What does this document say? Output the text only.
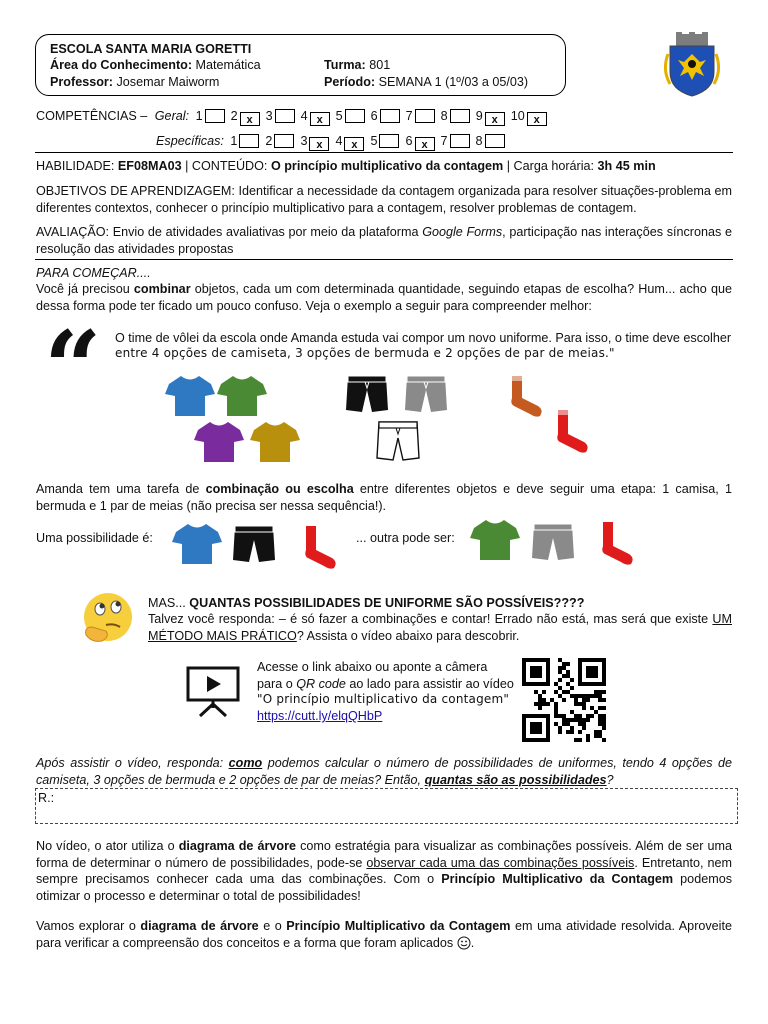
ESCOLA SANTA MARIA GORETTI
Área do Conhecimento: Matemática
Professor: Josemar Maiworm
Turma: 801
Período: SEMANA 1 (1º/03 a 05/03)
COMPETÊNCIAS – Geral: 1 2 x 3 4 x 5 6 7 8 9 x 10 x
Específicas: 1 2 3 x 4 x 5 6 x 7 8
HABILIDADE: EF08MA03 | CONTEÚDO: O princípio multiplicativo da contagem | Carga horária: 3h 45 min
OBJETIVOS DE APRENDIZAGEM: Identificar a necessidade da contagem organizada para resolver situações-problema em diferentes contextos, conhecer o princípio multiplicativo para a contagem, resolver problemas de contagem.
AVALIAÇÃO: Envio de atividades avaliativas por meio da plataforma Google Forms, participação nas interações síncronas e resolução das atividades propostas
PARA COMEÇAR....
Você já precisou combinar objetos, cada um com determinada quantidade, seguindo etapas de escolha? Hum... acho que dessa forma pode ter ficado um pouco confuso. Veja o exemplo a seguir para compreender melhor:
“ O time de vôlei da escola onde Amanda estuda vai compor um novo uniforme. Para isso, o time deve escolher
entre 4 opções de camiseta, 3 opções de bermuda e 2 opções de par de meias."
Amanda tem uma tarefa de combinação ou escolha entre diferentes objetos e deve seguir uma etapa: 1 camisa, 1 bermuda e 1 par de meias (não precisa ser nessa sequência!).
Uma possibilidade é:	... outra pode ser:
MAS... QUANTAS POSSIBILIDADES DE UNIFORME SÃO POSSÍVEIS????
Talvez você responda: – é só fazer a combinações e contar! Errado não está, mas será que existe UM MÉTODO MAIS PRÁTICO? Assista o vídeo abaixo para descobrir.
Acesse o link abaixo ou aponte a câmera
para o QR code ao lado para assistir ao vídeo
"O princípio multiplicativo da contagem"
https://cutt.ly/elqQHbP
Após assistir o vídeo, responda: como podemos calcular o número de possibilidades de uniformes, tendo 4 opções de camiseta, 3 opções de bermuda e 2 opções de par de meias? Então, quantas são as possibilidades?
R.:
No vídeo, o ator utiliza o diagrama de árvore como estratégia para visualizar as combinações possíveis. Além de ser uma forma de determinar o número de possibilidades, pode-se observar cada uma das combinações possíveis. Entretanto, nem sempre precisamos conhecer cada uma das combinações. Com o Princípio Multiplicativo da Contagem podemos otimizar o processo e determinar o total de possibilidades!
Vamos explorar o diagrama de árvore e o Princípio Multiplicativo da Contagem em uma atividade resolvida. Aproveite para verificar a compreensão dos conceitos e a forma que foram aplicados .
